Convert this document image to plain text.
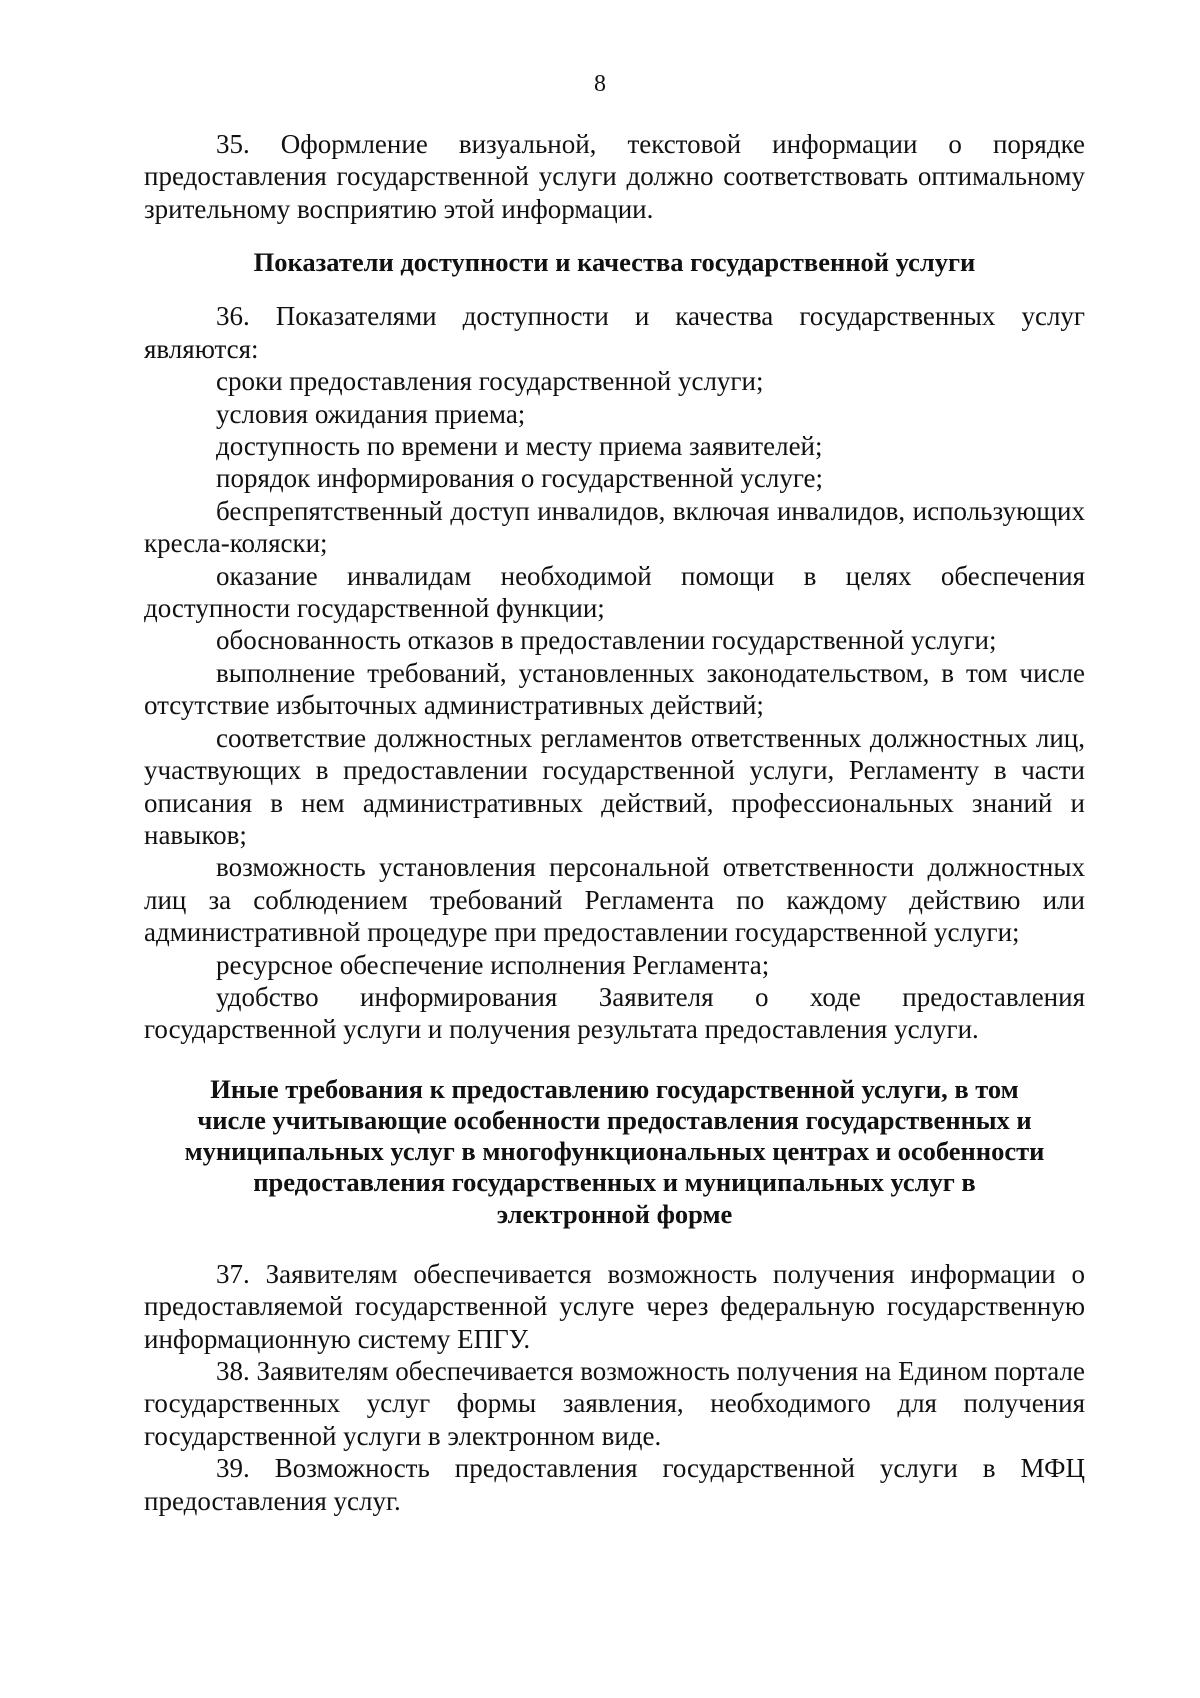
8

35. Оформление визуальной, текстовой информации о порядке предоставления государственной услуги должно соответствовать оптимальному зрительному восприятию этой информации.

Показатели доступности и качества государственной услуги

36. Показателями доступности и качества государственных услуг являются:

сроки предоставления государственной услуги;

условия ожидания приема;

доступность по времени и месту приема заявителей;

порядок информирования о государственной услуге;

беспрепятственный доступ инвалидов, включая инвалидов, использующих кресла-коляски;

оказание инвалидам необходимой помощи в целях обеспечения доступности государственной функции;

обоснованность отказов в предоставлении государственной услуги;

выполнение требований, установленных законодательством, в том числе отсутствие избыточных административных действий;

соответствие должностных регламентов ответственных должностных лиц, участвующих в предоставлении государственной услуги, Регламенту в части описания в нем административных действий, профессиональных знаний и навыков;

возможность установления персональной ответственности должностных лиц за соблюдением требований Регламента по каждому действию или административной процедуре при предоставлении государственной услуги;

ресурсное обеспечение исполнения Регламента;

удобство информирования Заявителя о ходе предоставления государственной услуги и получения результата предоставления услуги.

Иные требования к предоставлению государственной услуги, в том
числе учитывающие особенности предоставления государственных и
муниципальных услуг в многофункциональных центрах и особенности
предоставления государственных и муниципальных услуг в
электронной форме

37. Заявителям обеспечивается возможность получения информации о предоставляемой государственной услуге через федеральную государственную информационную систему ЕПГУ.

38. Заявителям обеспечивается возможность получения на Едином портале государственных услуг формы заявления, необходимого для получения государственной услуги в электронном виде.

39. Возможность предоставления государственной услуги в МФЦ предоставления услуг.
